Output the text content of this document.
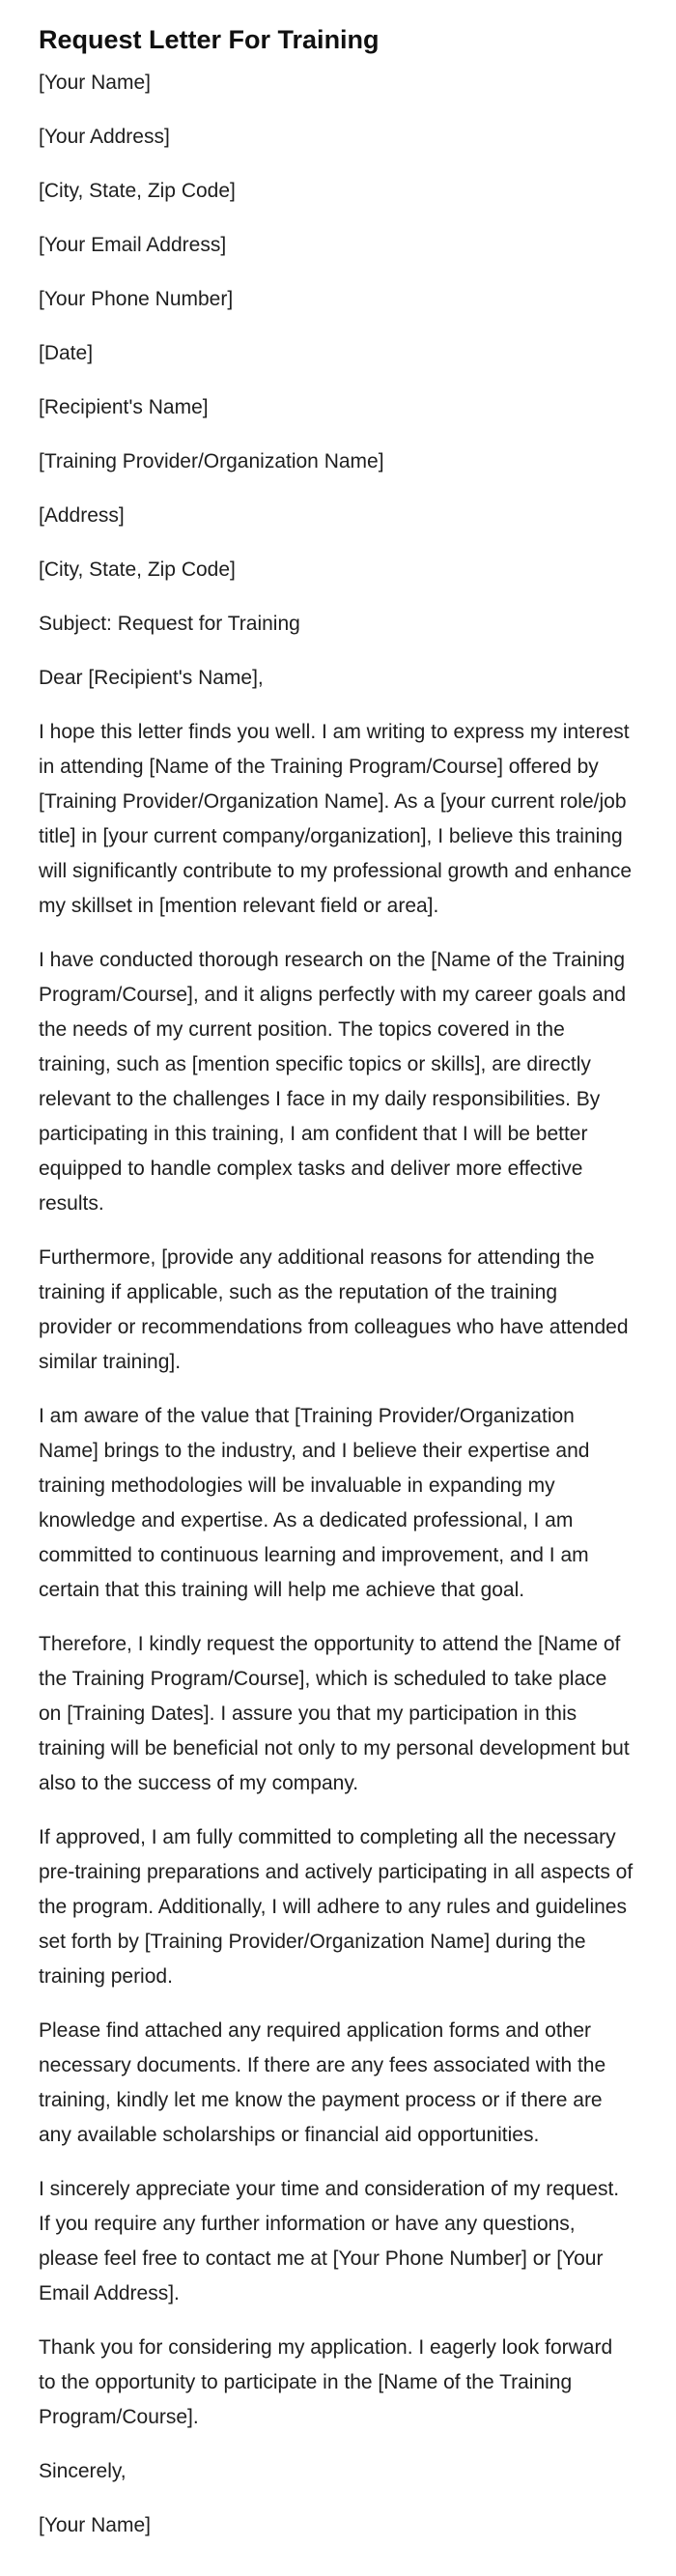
Request Letter For Training
[Your Name]
[Your Address]
[City, State, Zip Code]
[Your Email Address]
[Your Phone Number]
[Date]
[Recipient's Name]
[Training Provider/Organization Name]
[Address]
[City, State, Zip Code]
Subject: Request for Training
Dear [Recipient's Name],

I hope this letter finds you well. I am writing to express my interest in attending [Name of the Training Program/Course] offered by [Training Provider/Organization Name]. As a [your current role/job title] in [your current company/organization], I believe this training will significantly contribute to my professional growth and enhance my skillset in [mention relevant field or area].

I have conducted thorough research on the [Name of the Training Program/Course], and it aligns perfectly with my career goals and the needs of my current position. The topics covered in the training, such as [mention specific topics or skills], are directly relevant to the challenges I face in my daily responsibilities. By participating in this training, I am confident that I will be better equipped to handle complex tasks and deliver more effective results.

Furthermore, [provide any additional reasons for attending the training if applicable, such as the reputation of the training provider or recommendations from colleagues who have attended similar training].

I am aware of the value that [Training Provider/Organization Name] brings to the industry, and I believe their expertise and training methodologies will be invaluable in expanding my knowledge and expertise. As a dedicated professional, I am committed to continuous learning and improvement, and I am certain that this training will help me achieve that goal.

Therefore, I kindly request the opportunity to attend the [Name of the Training Program/Course], which is scheduled to take place on [Training Dates]. I assure you that my participation in this training will be beneficial not only to my personal development but also to the success of my company.

If approved, I am fully committed to completing all the necessary pre-training preparations and actively participating in all aspects of the program. Additionally, I will adhere to any rules and guidelines set forth by [Training Provider/Organization Name] during the training period.

Please find attached any required application forms and other necessary documents. If there are any fees associated with the training, kindly let me know the payment process or if there are any available scholarships or financial aid opportunities.

I sincerely appreciate your time and consideration of my request. If you require any further information or have any questions, please feel free to contact me at [Your Phone Number] or [Your Email Address].

Thank you for considering my application. I eagerly look forward to the opportunity to participate in the [Name of the Training Program/Course].

Sincerely,
[Your Name]
